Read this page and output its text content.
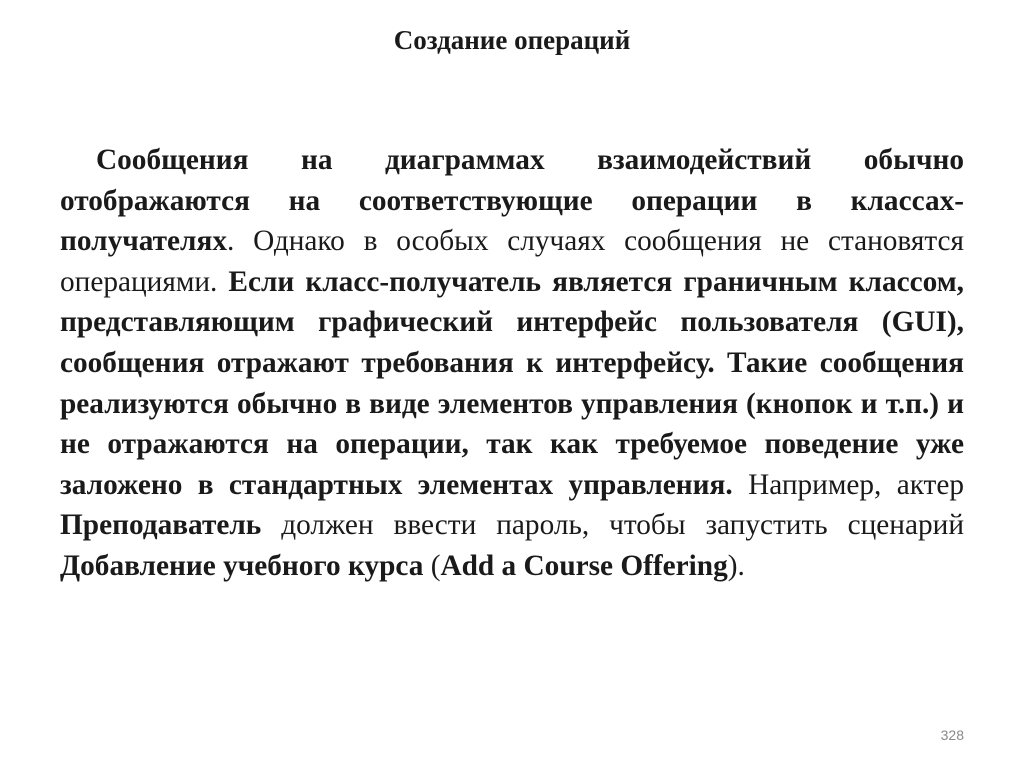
Создание операций

Сообщения на диаграммах взаимодействий обычно отображаются на соответствующие операции в классах-получателях. Однако в особых случаях сообщения не становятся операциями. Если класс-получатель является граничным классом, представляющим графический интерфейс пользователя (GUI), сообщения отражают требования к интерфейсу. Такие сообщения реализуются обычно в виде элементов управления (кнопок и т.п.) и не отражаются на операции, так как требуемое поведение уже заложено в стандартных элементах управления. Например, актер Преподаватель должен ввести пароль, чтобы запустить сценарий Добавление учебного курса (Add a Course Offering).

328
